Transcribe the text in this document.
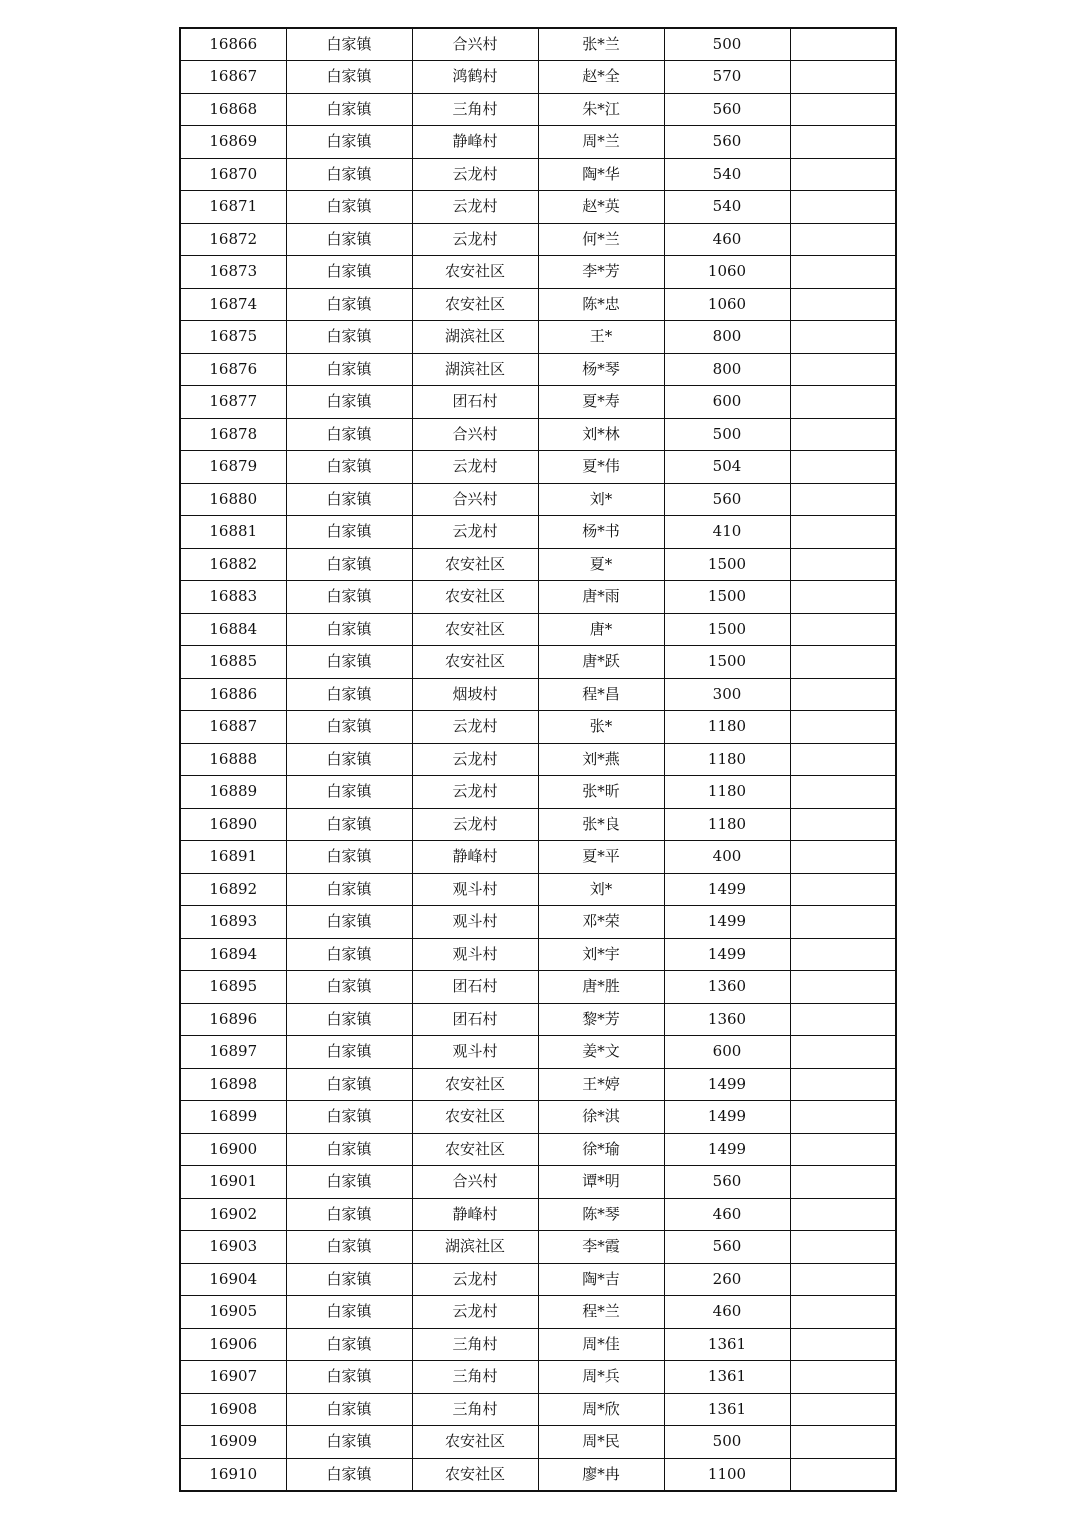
16866	白家镇	合兴村	张*兰	500	
16867	白家镇	鸿鹤村	赵*全	570	
16868	白家镇	三角村	朱*江	560	
16869	白家镇	静峰村	周*兰	560	
16870	白家镇	云龙村	陶*华	540	
16871	白家镇	云龙村	赵*英	540	
16872	白家镇	云龙村	何*兰	460	
16873	白家镇	农安社区	李*芳	1060	
16874	白家镇	农安社区	陈*忠	1060	
16875	白家镇	湖滨社区	王*	800	
16876	白家镇	湖滨社区	杨*琴	800	
16877	白家镇	团石村	夏*寿	600	
16878	白家镇	合兴村	刘*林	500	
16879	白家镇	云龙村	夏*伟	504	
16880	白家镇	合兴村	刘*	560	
16881	白家镇	云龙村	杨*书	410	
16882	白家镇	农安社区	夏*	1500	
16883	白家镇	农安社区	唐*雨	1500	
16884	白家镇	农安社区	唐*	1500	
16885	白家镇	农安社区	唐*跃	1500	
16886	白家镇	烟坡村	程*昌	300	
16887	白家镇	云龙村	张*	1180	
16888	白家镇	云龙村	刘*燕	1180	
16889	白家镇	云龙村	张*昕	1180	
16890	白家镇	云龙村	张*良	1180	
16891	白家镇	静峰村	夏*平	400	
16892	白家镇	观斗村	刘*	1499	
16893	白家镇	观斗村	邓*荣	1499	
16894	白家镇	观斗村	刘*宇	1499	
16895	白家镇	团石村	唐*胜	1360	
16896	白家镇	团石村	黎*芳	1360	
16897	白家镇	观斗村	姜*文	600	
16898	白家镇	农安社区	王*婷	1499	
16899	白家镇	农安社区	徐*淇	1499	
16900	白家镇	农安社区	徐*瑜	1499	
16901	白家镇	合兴村	谭*明	560	
16902	白家镇	静峰村	陈*琴	460	
16903	白家镇	湖滨社区	李*霞	560	
16904	白家镇	云龙村	陶*吉	260	
16905	白家镇	云龙村	程*兰	460	
16906	白家镇	三角村	周*佳	1361	
16907	白家镇	三角村	周*兵	1361	
16908	白家镇	三角村	周*欣	1361	
16909	白家镇	农安社区	周*民	500	
16910	白家镇	农安社区	廖*冉	1100	
